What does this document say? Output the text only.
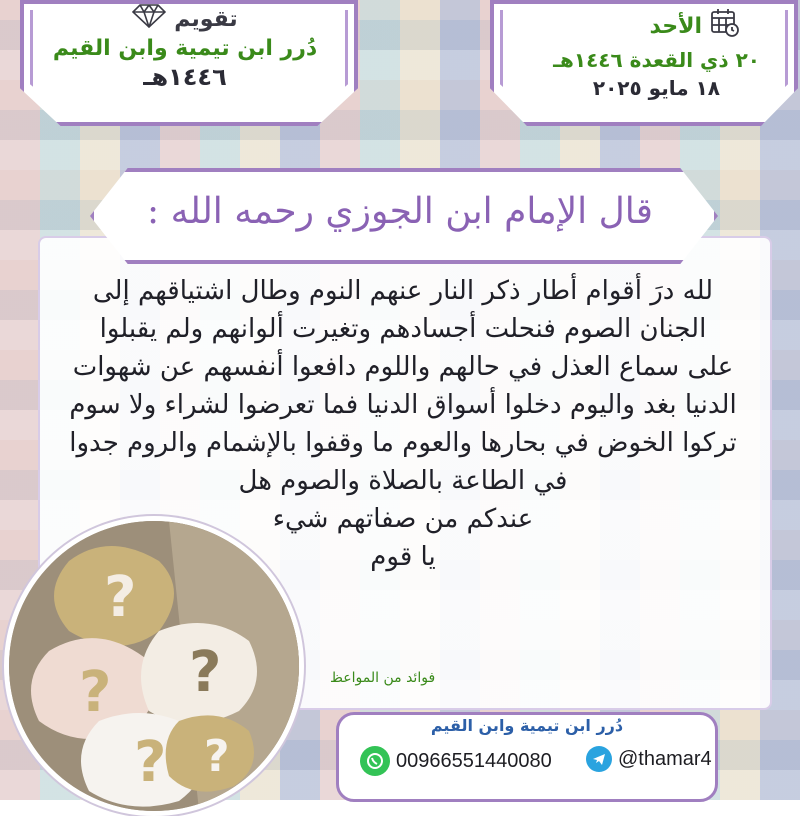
تقويم
دُرر ابن تيمية وابن القيم
١٤٤٦هـ
الأحد
٢٠ ذي القعدة ١٤٤٦هـ
١٨ مايو ٢٠٢٥
قال الإمام ابن الجوزي رحمه الله :
لله درَ أقوام أطار ذكر النار عنهم النوم وطال اشتياقهم إلى
الجنان الصوم فنحلت أجسادهم وتغيرت ألوانهم ولم يقبلوا
على سماع العذل في حالهم واللوم دافعوا أنفسهم عن شهوات
الدنيا بغد واليوم دخلوا أسواق الدنيا فما تعرضوا لشراء ولا سوم
تركوا الخوض في بحارها والعوم ما وقفوا بالإشمام والروم جدوا
في الطاعة بالصلاة والصوم هل
عندكم من صفاتهم شيء
يا قوم
فوائد من المواعظ
?
? ?
? ?
دُرر ابن تيمية وابن القيم
00966551440080	@thamar4
